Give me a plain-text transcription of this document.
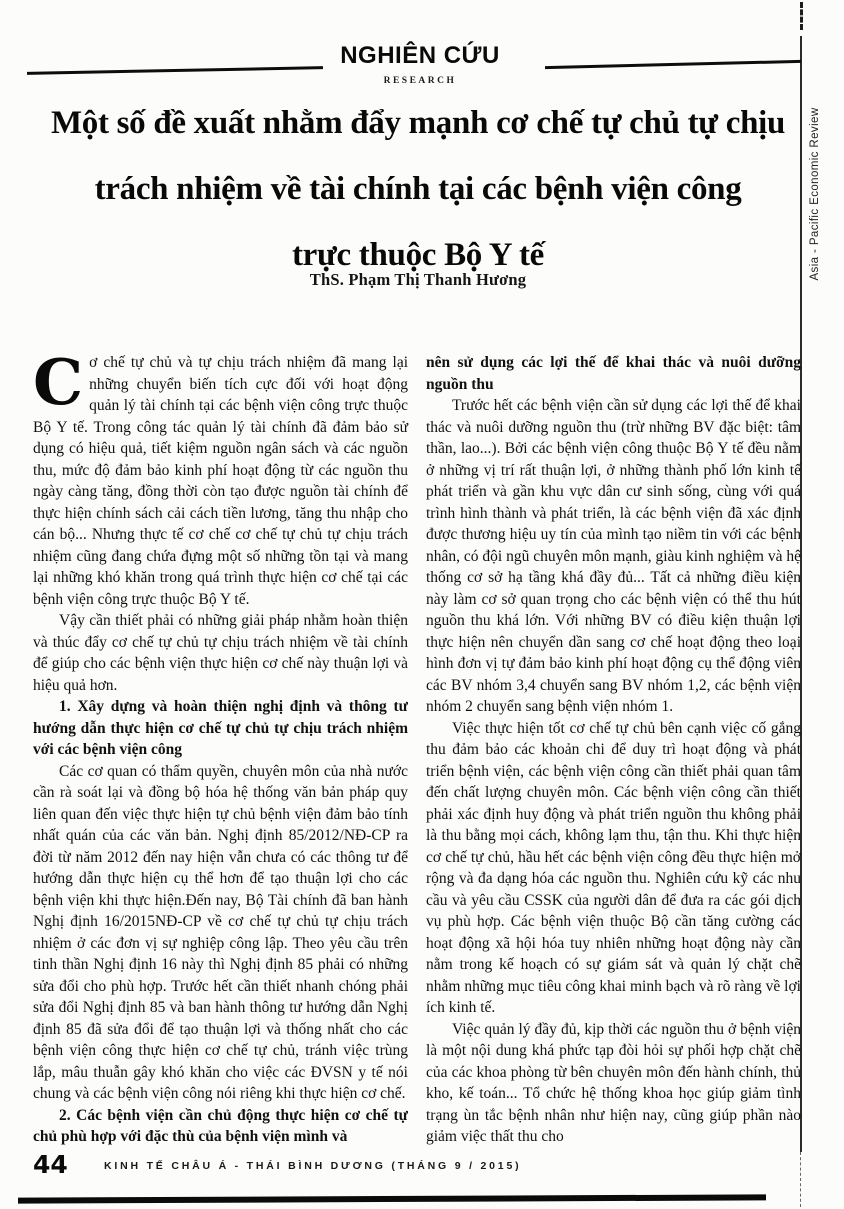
Asia - Pacific Economic Review
NGHIÊN CỨU
RESEARCH
Một số đề xuất nhằm đẩy mạnh cơ chế tự chủ tự chịu
trách nhiệm về tài chính tại các bệnh viện công
trực thuộc Bộ Y tế
ThS. Phạm Thị Thanh Hương

Cơ chế tự chủ và tự chịu trách nhiệm đã mang lại những chuyển biến tích cực đối với hoạt động quản lý tài chính tại các bệnh viện công trực thuộc Bộ Y tế. Trong công tác quản lý tài chính đã đảm bảo sử dụng có hiệu quả, tiết kiệm nguồn ngân sách và các nguồn thu, mức độ đảm bảo kinh phí hoạt động từ các nguồn thu ngày càng tăng, đồng thời còn tạo được nguồn tài chính để thực hiện chính sách cải cách tiền lương, tăng thu nhập cho cán bộ... Nhưng thực tế cơ chế cơ chế tự chủ tự chịu trách nhiệm cũng đang chứa đựng một số những tồn tại và mang lại những khó khăn trong quá trình thực hiện cơ chế tại các bệnh viện công trực thuộc Bộ Y tế.

Vậy cần thiết phải có những giải pháp nhằm hoàn thiện và thúc đẩy cơ chế tự chủ tự chịu trách nhiệm về tài chính để giúp cho các bệnh viện thực hiện cơ chế này thuận lợi và hiệu quả hơn.

1. Xây dựng và hoàn thiện nghị định và thông tư hướng dẫn thực hiện cơ chế tự chủ tự chịu trách nhiệm với các bệnh viện công

Các cơ quan có thẩm quyền, chuyên môn của nhà nước cần rà soát lại và đồng bộ hóa hệ thống văn bản pháp quy liên quan đến việc thực hiện tự chủ bệnh viện đảm bảo tính nhất quán của các văn bản. Nghị định 85/2012/NĐ-CP ra đời từ năm 2012 đến nay hiện vẫn chưa có các thông tư để hướng dẫn thực hiện cụ thể hơn để tạo thuận lợi cho các bệnh viện khi thực hiện.Đến nay, Bộ Tài chính đã ban hành Nghị định 16/2015NĐ-CP về cơ chế tự chủ tự chịu trách nhiệm ở các đơn vị sự nghiệp công lập. Theo yêu cầu trên tinh thần Nghị định 16 này thì Nghị định 85 phải có những sửa đổi cho phù hợp. Trước hết cần thiết nhanh chóng phải sửa đổi Nghị định 85 và ban hành thông tư hướng dẫn Nghị định 85 đã sửa đổi để tạo thuận lợi và thống nhất cho các bệnh viện công thực hiện cơ chế tự chủ, tránh việc trùng lắp, mâu thuẫn gây khó khăn cho việc các ĐVSN y tế nói chung và các bệnh viện công nói riêng khi thực hiện cơ chế.

2. Các bệnh viện cần chủ động thực hiện cơ chế tự chủ phù hợp với đặc thù của bệnh viện mình và

nên sử dụng các lợi thế để khai thác và nuôi dưỡng nguồn thu

Trước hết các bệnh viện cần sử dụng các lợi thế để khai thác và nuôi dưỡng nguồn thu (trừ những BV đặc biệt: tâm thần, lao...). Bởi các bệnh viện công thuộc Bộ Y tế đều nằm ở những vị trí rất thuận lợi, ở những thành phố lớn kinh tế phát triển và gần khu vực dân cư sinh sống, cùng với quá trình hình thành và phát triển, là các bệnh viện đã xác định được thương hiệu uy tín của mình tạo niềm tin với các bệnh nhân, có đội ngũ chuyên môn mạnh, giàu kinh nghiệm và hệ thống cơ sở hạ tầng khá đầy đủ... Tất cả những điều kiện này làm cơ sở quan trọng cho các bệnh viện có thể thu hút nguồn thu khá lớn. Với những BV có điều kiện thuận lợi thực hiện nên chuyển dần sang cơ chế hoạt động theo loại hình đơn vị tự đảm bảo kinh phí hoạt động cụ thể động viên các BV nhóm 3,4 chuyển sang BV nhóm 1,2, các bệnh viện nhóm 2 chuyển sang bệnh viện nhóm 1.

Việc thực hiện tốt cơ chế tự chủ bên cạnh việc cố gắng thu đảm bảo các khoản chi để duy trì hoạt động và phát triển bệnh viện, các bệnh viện công cần thiết phải quan tâm đến chất lượng chuyên môn. Các bệnh viện công cần thiết phải xác định huy động và phát triển nguồn thu không phải là thu bằng mọi cách, không lạm thu, tận thu. Khi thực hiện cơ chế tự chủ, hầu hết các bệnh viện công đều thực hiện mở rộng và đa dạng hóa các nguồn thu. Nghiên cứu kỹ các nhu cầu và yêu cầu CSSK của người dân để đưa ra các gói dịch vụ phù hợp. Các bệnh viện thuộc Bộ cần tăng cường các hoạt động xã hội hóa tuy nhiên những hoạt động này cần nằm trong kế hoạch có sự giám sát và quản lý chặt chẽ nhằm những mục tiêu công khai minh bạch và rõ ràng về lợi ích kinh tế.

Việc quản lý đầy đủ, kịp thời các nguồn thu ở bệnh viện là một nội dung khá phức tạp đòi hỏi sự phối hợp chặt chẽ của các khoa phòng từ bên chuyên môn đến hành chính, thủ kho, kế toán... Tổ chức hệ thống khoa học giúp giảm tình trạng ùn tắc bệnh nhân như hiện nay, cũng giúp phần nào giảm việc thất thu cho

44	KINH TẾ CHÂU Á - THÁI BÌNH DƯƠNG (THÁNG 9 / 2015)
